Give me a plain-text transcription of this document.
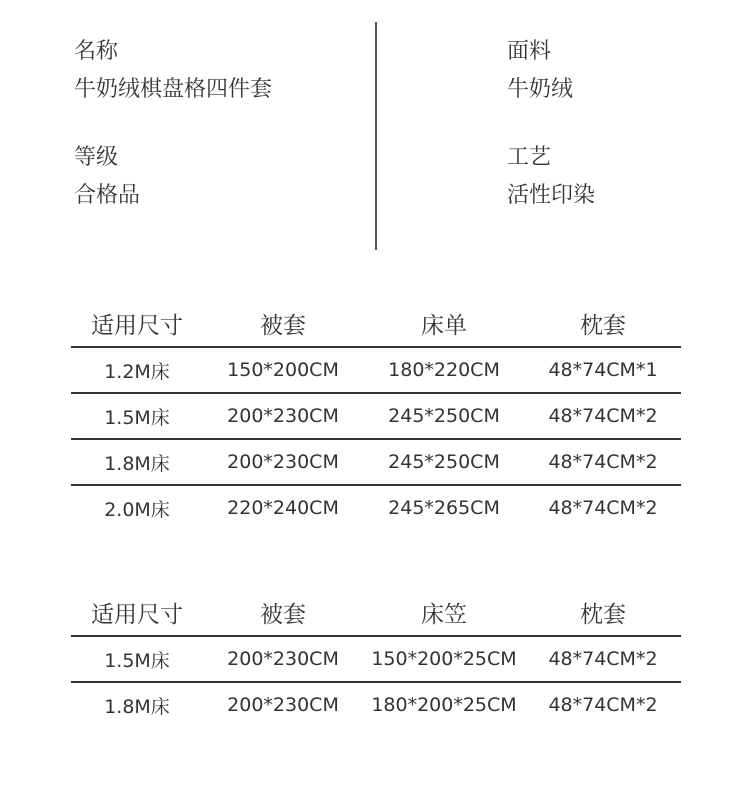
名称
牛奶绒棋盘格四件套
等级
合格品
面料
牛奶绒
工艺
活性印染
适用尺寸	被套	床单	枕套
1.2M床	150*200CM	180*220CM	48*74CM*1
1.5M床	200*230CM	245*250CM	48*74CM*2
1.8M床	200*230CM	245*250CM	48*74CM*2
2.0M床	220*240CM	245*265CM	48*74CM*2
适用尺寸	被套	床笠	枕套
1.5M床	200*230CM	150*200*25CM	48*74CM*2
1.8M床	200*230CM	180*200*25CM	48*74CM*2
